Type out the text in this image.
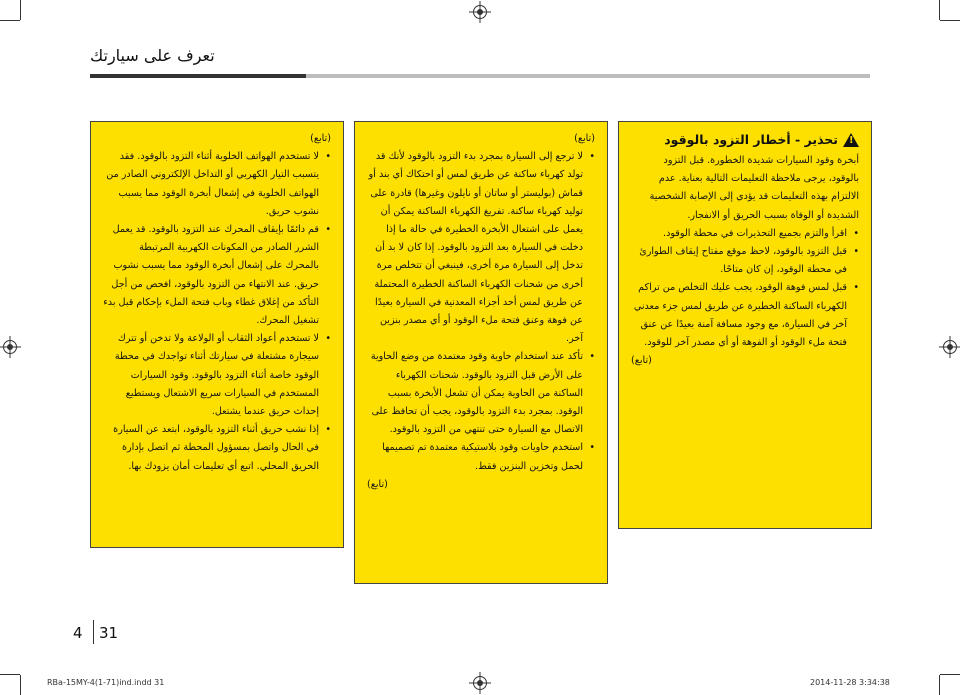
تعرف على سيارتك
!
تحذير - أخطار التزود بالوقود

أبخرة وقود السيارات شديدة الخطورة. قبل التزود بالوقود، يرجى ملاحظة التعليمات التالية بعناية. عدم الالتزام بهذه التعليمات قد يؤدي إلى الإصابة الشخصية الشديدة أو الوفاة بسبب الحريق أو الانفجار.

• اقرأ والتزم بجميع التحذيرات في محطة الوقود.

• قبل التزود بالوقود، لاحظ موقع مفتاح إيقاف الطوارئ في محطة الوقود، إن كان متاحًا.

• قبل لمس فوهة الوقود، يجب عليك التخلص من تراكم الكهرباء الساكنة الخطيرة عن طريق لمس جزء معدني آخر في السيارة، مع وجود مسافة آمنة بعيدًا عن عنق فتحة ملء الوقود أو الفوهة أو أي مصدر آخر للوقود.

(تابع)

(تابع)

• لا ترجع إلى السيارة بمجرد بدء التزود بالوقود لأنك قد تولد كهرباء ساكنة عن طريق لمس أو احتكاك أي بند أو قماش (بوليستر أو ساتان أو نايلون وغيرها) قادرة على توليد كهرباء ساكنة. تفريغ الكهرباء الساكنة يمكن أن يعمل على اشتعال الأبخرة الخطيرة في حالة ما إذا دخلت في السيارة بعد التزود بالوقود. إذا كان لا بد أن تدخل إلى السيارة مرة أخرى، فينبغي أن تتخلص مرة أخرى من شحنات الكهرباء الساكنة الخطيرة المحتملة عن طريق لمس أحد أجزاء المعدنية في السيارة بعيدًا عن فوهة وعنق فتحة ملء الوقود أو أي مصدر بنزين آخر.

• تأكد عند استخدام حاوية وقود معتمدة من وضع الحاوية على الأرض قبل التزود بالوقود. شحنات الكهرباء الساكنة من الحاوية يمكن أن تشعل الأبخرة بسبب الوقود. بمجرد بدء التزود بالوقود، يجب أن تحافظ على الاتصال مع السيارة حتى تنتهي من التزود بالوقود.

• استخدم حاويات وقود بلاستيكية معتمدة تم تصميمها لحمل وتخزين البنزين فقط.

(تابع)

(تابع)

• لا تستخدم الهواتف الخلوية أثناء التزود بالوقود. فقد يتسبب التيار الكهربي أو التداخل الإلكتروني الصادر من الهواتف الخلوية في إشعال أبخرة الوقود مما يسبب نشوب حريق.

• قم دائمًا بإيقاف المحرك عند التزود بالوقود. قد يعمل الشرر الصادر من المكونات الكهربية المرتبطة بالمحرك على إشعال أبخرة الوقود مما يسبب نشوب حريق. عند الانتهاء من التزود بالوقود، افحص من أجل التأكد من إغلاق غطاء وباب فتحة الملء بإحكام قبل بدء تشغيل المحرك.

• لا تستخدم أعواد الثقاب أو الولاعة ولا تدخن أو تترك سيجارة مشتعلة في سيارتك أثناء تواجدك في محطة الوقود خاصة أثناء التزود بالوقود. وقود السيارات المستخدم في السيارات سريع الاشتعال ويستطيع إحداث حريق عندما يشتعل.

• إذا نشب حريق أثناء التزود بالوقود، ابتعد عن السيارة في الحال واتصل بمسؤول المحطة ثم اتصل بإدارة الحريق المحلي. اتبع أي تعليمات أمان يزودك بها.

4 31
RBa-15MY-4(1-71)ind.indd 31	2014-11-28 3:34:38
